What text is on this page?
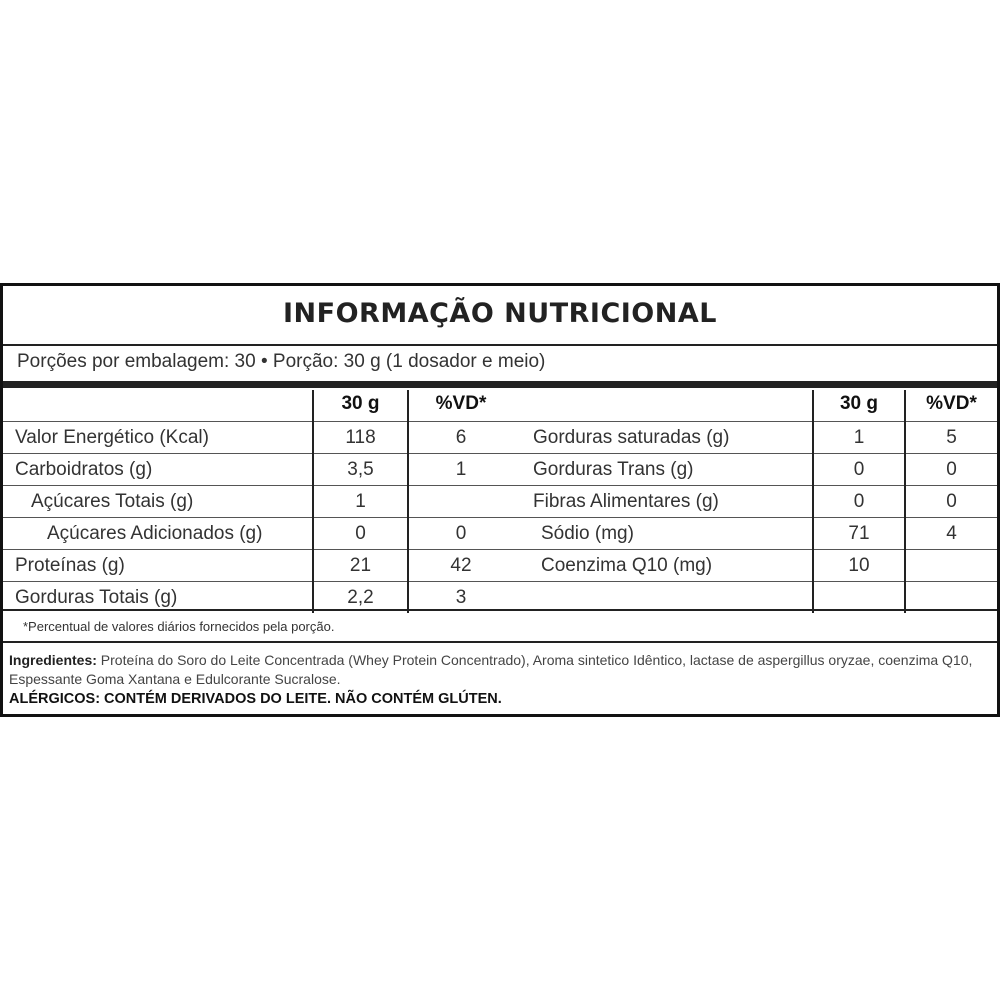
INFORMAÇÃO NUTRICIONAL
Porções por embalagem: 30 • Porção: 30 g (1 dosador e meio)
	30 g	%VD*
Valor Energético (Kcal)	118	6
Carboidratos (g)	3,5	1
Açúcares Totais (g)	1	
Açúcares Adicionados (g)	0	0
Proteínas (g)	21	42
Gorduras Totais (g)	2,2	3
	30 g	%VD*
Gorduras saturadas (g)	1	5
Gorduras Trans (g)	0	0
Fibras Alimentares (g)	0	0
Sódio (mg)	71	4
Coenzima Q10 (mg)	10	

*Percentual de valores diários fornecidos pela porção.
Ingredientes: Proteína do Soro do Leite Concentrada (Whey Protein Concentrado), Aroma sintetico Idêntico, lactase de aspergillus oryzae, coenzima Q10, Espessante Goma Xantana e Edulcorante Sucralose.
ALÉRGICOS: CONTÉM DERIVADOS DO LEITE. NÃO CONTÉM GLÚTEN.
